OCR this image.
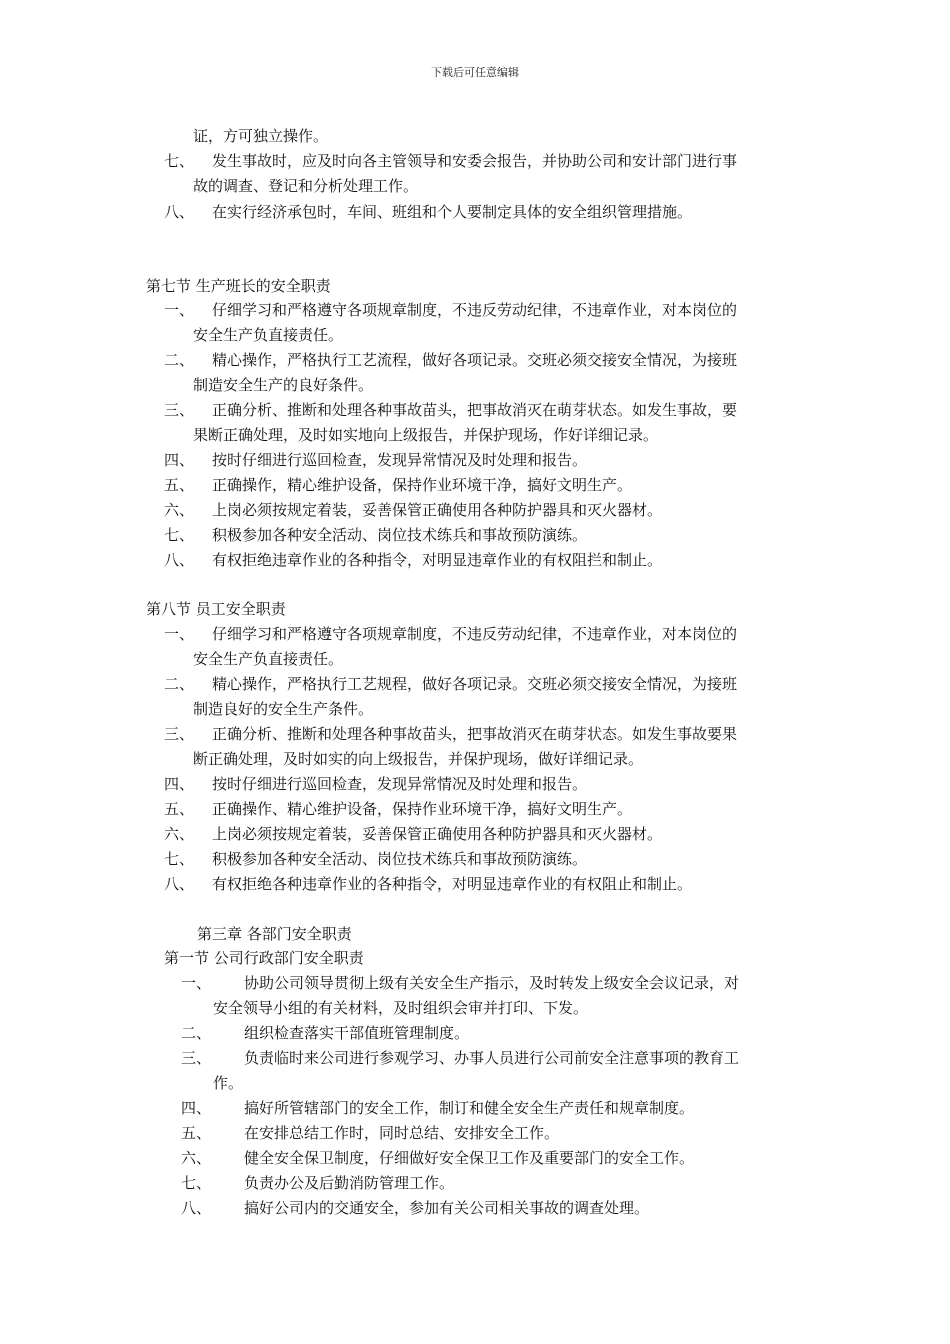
下载后可任意编辑
证，方可独立操作。
七、 发生事故时，应及时向各主管领导和安委会报告，并协助公司和安计部门进行事
故的调查、登记和分析处理工作。
八、 在实行经济承包时，车间、班组和个人要制定具体的安全组织管理措施。
第七节 生产班长的安全职责
一、 仔细学习和严格遵守各项规章制度，不违反劳动纪律，不违章作业，对本岗位的
安全生产负直接责任。
二、 精心操作，严格执行工艺流程，做好各项记录。交班必须交接安全情况，为接班
制造安全生产的良好条件。
三、 正确分析、推断和处理各种事故苗头，把事故消灭在萌芽状态。如发生事故，要
果断正确处理，及时如实地向上级报告，并保护现场，作好详细记录。
四、 按时仔细进行巡回检查，发现异常情况及时处理和报告。
五、 正确操作，精心维护设备，保持作业环境干净，搞好文明生产。
六、 上岗必须按规定着装，妥善保管正确使用各种防护器具和灭火器材。
七、 积极参加各种安全活动、岗位技术练兵和事故预防演练。
八、 有权拒绝违章作业的各种指令，对明显违章作业的有权阻拦和制止。
第八节 员工安全职责
一、 仔细学习和严格遵守各项规章制度，不违反劳动纪律，不违章作业，对本岗位的
安全生产负直接责任。
二、 精心操作，严格执行工艺规程，做好各项记录。交班必须交接安全情况，为接班
制造良好的安全生产条件。
三、 正确分析、推断和处理各种事故苗头，把事故消灭在萌芽状态。如发生事故要果
断正确处理，及时如实的向上级报告，并保护现场，做好详细记录。
四、 按时仔细进行巡回检查，发现异常情况及时处理和报告。
五、 正确操作、精心维护设备，保持作业环境干净，搞好文明生产。
六、 上岗必须按规定着装，妥善保管正确使用各种防护器具和灭火器材。
七、 积极参加各种安全活动、岗位技术练兵和事故预防演练。
八、 有权拒绝各种违章作业的各种指令，对明显违章作业的有权阻止和制止。
第三章 各部门安全职责
第一节 公司行政部门安全职责
一、 协助公司领导贯彻上级有关安全生产指示，及时转发上级安全会议记录，对
安全领导小组的有关材料，及时组织会审并打印、下发。
二、 组织检查落实干部值班管理制度。
三、 负责临时来公司进行参观学习、办事人员进行公司前安全注意事项的教育工
作。
四、 搞好所管辖部门的安全工作，制订和健全安全生产责任和规章制度。
五、 在安排总结工作时，同时总结、安排安全工作。
六、 健全安全保卫制度，仔细做好安全保卫工作及重要部门的安全工作。
七、 负责办公及后勤消防管理工作。
八、 搞好公司内的交通安全，参加有关公司相关事故的调查处理。
